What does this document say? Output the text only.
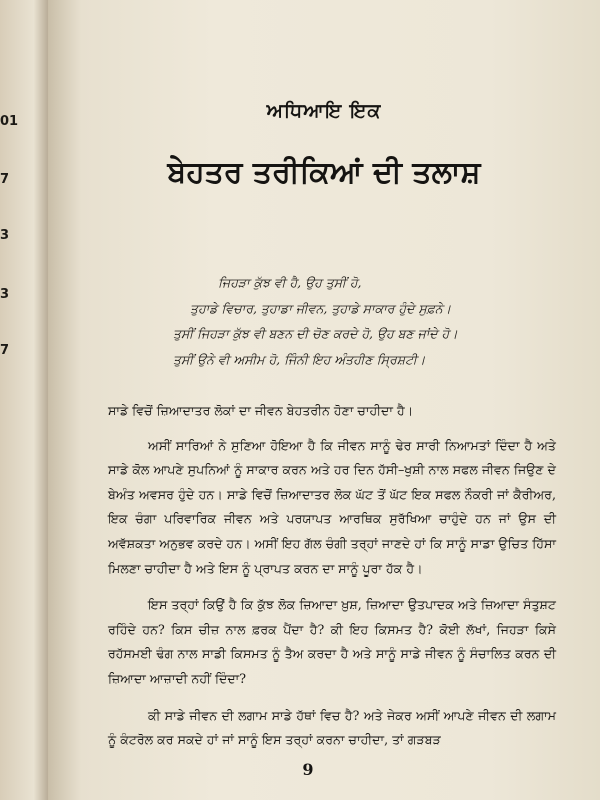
01
7
3
3
7
ਅਧਿਆਇ ਇਕ
ਬੇਹਤਰ ਤਰੀਕਿਆਂ ਦੀ ਤਲਾਸ਼
ਜਿਹੜਾ ਕੁੱਝ ਵੀ ਹੈ, ਉਹ ਤੁਸੀਂ ਹੋ,
ਤੁਹਾਡੇ ਵਿਚਾਰ, ਤੁਹਾਡਾ ਜੀਵਨ, ਤੁਹਾਡੇ ਸਾਕਾਰ ਹੁੰਦੇ ਸੁਫ਼ਨੇ।
ਤੁਸੀਂ ਜਿਹੜਾ ਕੁੱਝ ਵੀ ਬਣਨ ਦੀ ਚੋਣ ਕਰਦੇ ਹੋ, ਉਹ ਬਣ ਜਾਂਦੇ ਹੋ।
ਤੁਸੀਂ ਉਨੇ ਵੀ ਅਸੀਮ ਹੋ, ਜਿੰਨੀ ਇਹ ਅੰਤਹੀਣ ਸ੍ਰਿਸ਼ਟੀ।

ਸਾਡੇ ਵਿਚੋਂ ਜ਼ਿਆਦਾਤਰ ਲੋਕਾਂ ਦਾ ਜੀਵਨ ਬੇਹਤਰੀਨ ਹੋਣਾ ਚਾਹੀਦਾ ਹੈ।

ਅਸੀਂ ਸਾਰਿਆਂ ਨੇ ਸੁਣਿਆ ਹੋਇਆ ਹੈ ਕਿ ਜੀਵਨ ਸਾਨੂੰ ਢੇਰ ਸਾਰੀ ਨਿਆਮਤਾਂ ਦਿੰਦਾ ਹੈ ਅਤੇ ਸਾਡੇ ਕੋਲ ਆਪਣੇ ਸੁਪਨਿਆਂ ਨੂੰ ਸਾਕਾਰ ਕਰਨ ਅਤੇ ਹਰ ਦਿਨ ਹੱਸੀ–ਖੁਸ਼ੀ ਨਾਲ ਸਫਲ ਜੀਵਨ ਜਿਉਣ ਦੇ ਬੇਅੰਤ ਅਵਸਰ ਹੁੰਦੇ ਹਨ। ਸਾਡੇ ਵਿਚੋਂ ਜ਼ਿਆਦਾਤਰ ਲੋਕ ਘੱਟ ਤੋਂ ਘੱਟ ਇਕ ਸਫਲ ਨੌਕਰੀ ਜਾਂ ਕੈਰੀਅਰ, ਇਕ ਚੰਗਾ ਪਰਿਵਾਰਿਕ ਜੀਵਨ ਅਤੇ ਪਰਯਾਪਤ ਆਰਥਿਕ ਸੁਰੱਖਿਆ ਚਾਹੁੰਦੇ ਹਨ ਜਾਂ ਉਸ ਦੀ ਅਵੱਸ਼ਕਤਾ ਅਨੁਭਵ ਕਰਦੇ ਹਨ। ਅਸੀਂ ਇਹ ਗੱਲ ਚੰਗੀ ਤਰ੍ਹਾਂ ਜਾਣਦੇ ਹਾਂ ਕਿ ਸਾਨੂੰ ਸਾਡਾ ਉਚਿਤ ਹਿੱਸਾ ਮਿਲਣਾ ਚਾਹੀਦਾ ਹੈ ਅਤੇ ਇਸ ਨੂੰ ਪ੍ਰਾਪਤ ਕਰਨ ਦਾ ਸਾਨੂੰ ਪੂਰਾ ਹੱਕ ਹੈ।

ਇਸ ਤਰ੍ਹਾਂ ਕਿਉਂ ਹੈ ਕਿ ਕੁੱਝ ਲੋਕ ਜ਼ਿਆਦਾ ਖ਼ੁਸ਼, ਜ਼ਿਆਦਾ ਉਤਪਾਦਕ ਅਤੇ ਜ਼ਿਆਦਾ ਸੰਤੁਸ਼ਟ ਰਹਿੰਦੇ ਹਨ? ਕਿਸ ਚੀਜ਼ ਨਾਲ ਫ਼ਰਕ ਪੈਂਦਾ ਹੈ? ਕੀ ਇਹ ਕਿਸਮਤ ਹੈ? ਕੋਈ ਲੱਖਾਂ, ਜਿਹੜਾ ਕਿਸੇ ਰਹੱਸਮਈ ਢੰਗ ਨਾਲ ਸਾਡੀ ਕਿਸਮਤ ਨੂੰ ਤੈਅ ਕਰਦਾ ਹੈ ਅਤੇ ਸਾਨੂੰ ਸਾਡੇ ਜੀਵਨ ਨੂੰ ਸੰਚਾਲਿਤ ਕਰਨ ਦੀ ਜ਼ਿਆਦਾ ਆਜ਼ਾਦੀ ਨਹੀਂ ਦਿੰਦਾ?

ਕੀ ਸਾਡੇ ਜੀਵਨ ਦੀ ਲਗਾਮ ਸਾਡੇ ਹੱਥਾਂ ਵਿਚ ਹੈ? ਅਤੇ ਜੇਕਰ ਅਸੀਂ ਆਪਣੇ ਜੀਵਨ ਦੀ ਲਗਾਮ ਨੂੰ ਕੰਟਰੋਲ ਕਰ ਸਕਦੇ ਹਾਂ ਜਾਂ ਸਾਨੂੰ ਇਸ ਤਰ੍ਹਾਂ ਕਰਨਾ ਚਾਹੀਦਾ, ਤਾਂ ਗੜਬੜ

9
